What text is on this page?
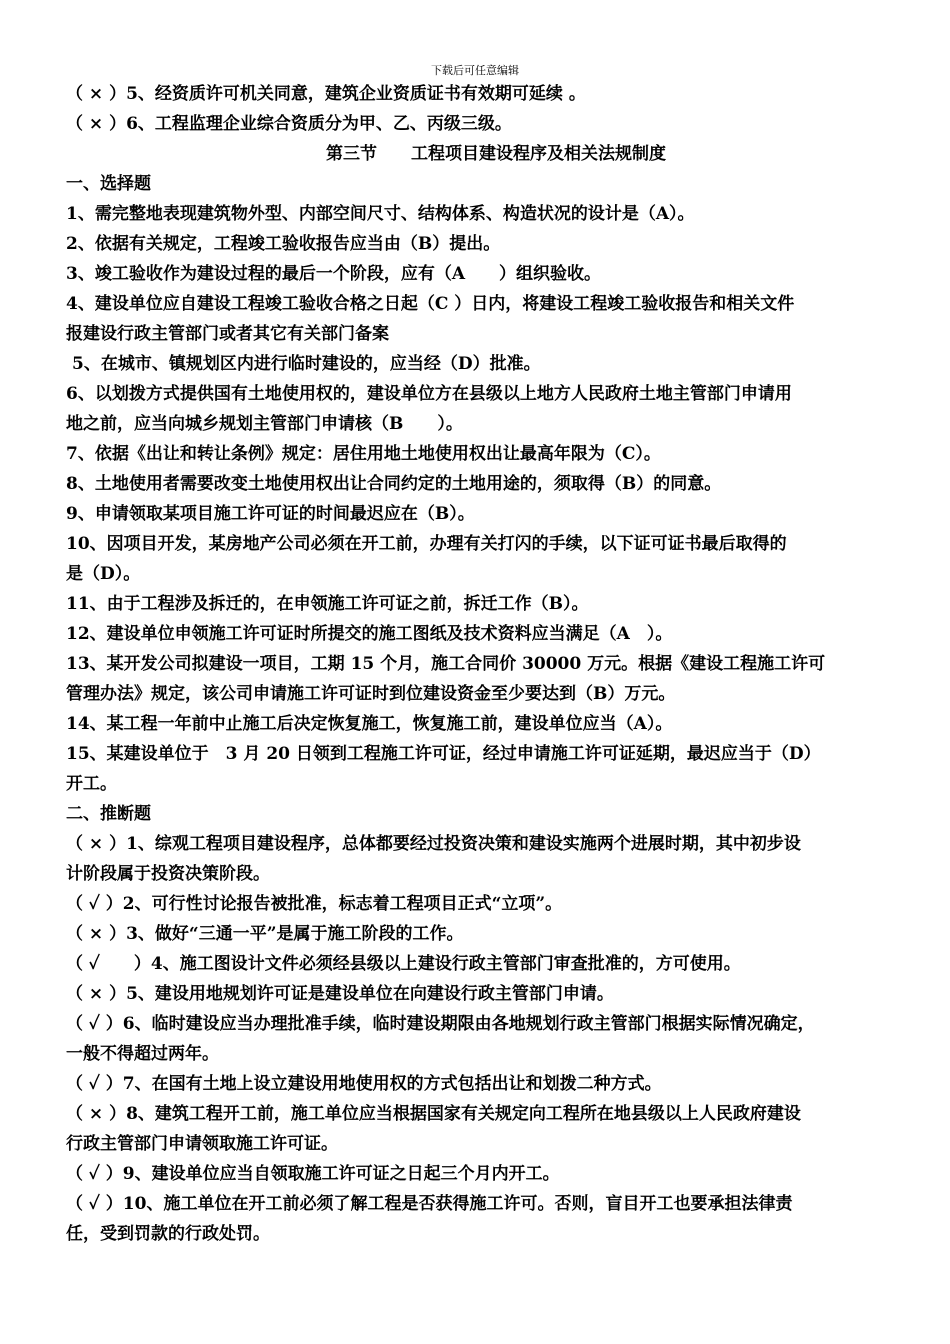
下载后可任意编辑
（ × ）5、经资质许可机关同意，建筑企业资质证书有效期可延续 。
（ × ）6、工程监理企业综合资质分为甲、乙、丙级三级。
第三节　　工程项目建设程序及相关法规制度
一、选择题
1、需完整地表现建筑物外型、内部空间尺寸、结构体系、构造状况的设计是（A）。
2、依据有关规定，工程竣工验收报告应当由（B）提出。
3、竣工验收作为建设过程的最后一个阶段，应有（A　　）组织验收。
4、建设单位应自建设工程竣工验收合格之日起（C ）日内，将建设工程竣工验收报告和相关文件
报建设行政主管部门或者其它有关部门备案
5、在城市、镇规划区内进行临时建设的，应当经（D）批准。
6、以划拨方式提供国有土地使用权的，建设单位方在县级以上地方人民政府土地主管部门申请用
地之前，应当向城乡规划主管部门申请核（B　　）。
7、依据《出让和转让条例》规定：居住用地土地使用权出让最高年限为（C）。
8、土地使用者需要改变土地使用权出让合同约定的土地用途的，须取得（B）的同意。
9、申请领取某项目施工许可证的时间最迟应在（B）。
10、因项目开发，某房地产公司必须在开工前，办理有关打闪的手续，以下证可证书最后取得的
是（D）。
11、由于工程涉及拆迁的，在申领施工许可证之前，拆迁工作（B）。
12、建设单位申领施工许可证时所提交的施工图纸及技术资料应当满足（A　）。
13、某开发公司拟建设一项目，工期 15 个月，施工合同价 30000 万元。根据《建设工程施工许可
管理办法》规定，该公司申请施工许可证时到位建设资金至少要达到（B）万元。
14、某工程一年前中止施工后决定恢复施工，恢复施工前，建设单位应当（A）。
15、某建设单位于　3 月 20 日领到工程施工许可证，经过申请施工许可证延期，最迟应当于（D）
开工。
二、推断题
（ × ）1、综观工程项目建设程序，总体都要经过投资决策和建设实施两个进展时期，其中初步设
计阶段属于投资决策阶段。
（ ✓ ）2、可行性讨论报告被批准，标志着工程项目正式“立项”。
（ × ）3、做好“三通一平”是属于施工阶段的工作。
（ ✓　　）4、施工图设计文件必须经县级以上建设行政主管部门审查批准的，方可使用。
（ × ）5、建设用地规划许可证是建设单位在向建设行政主管部门申请。
（ ✓ ）6、临时建设应当办理批准手续，临时建设期限由各地规划行政主管部门根据实际情况确定，
一般不得超过两年。
（ ✓ ）7、在国有土地上设立建设用地使用权的方式包括出让和划拨二种方式。
（ × ）8、建筑工程开工前，施工单位应当根据国家有关规定向工程所在地县级以上人民政府建设
行政主管部门申请领取施工许可证。
（ ✓ ）9、建设单位应当自领取施工许可证之日起三个月内开工。
（ ✓ ）10、施工单位在开工前必须了解工程是否获得施工许可。否则，盲目开工也要承担法律责
任，受到罚款的行政处罚。
